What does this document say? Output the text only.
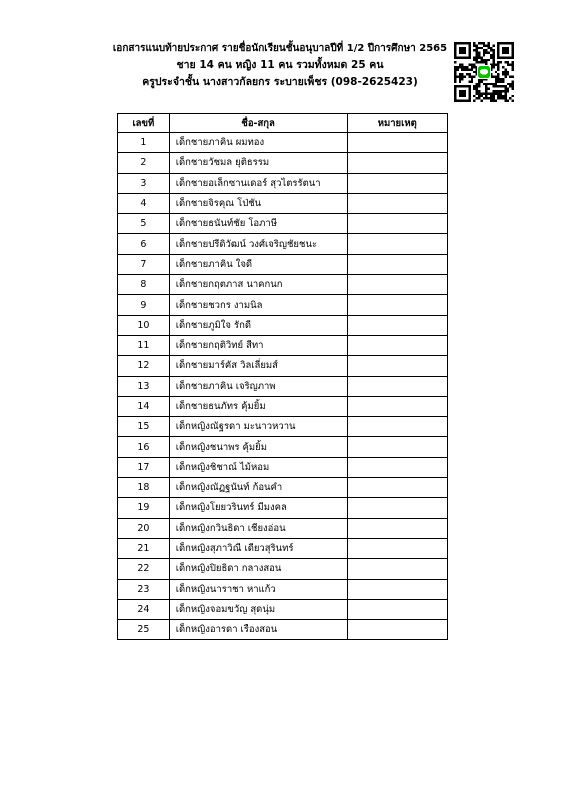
เอกสารแนบท้ายประกาศ รายชื่อนักเรียนชั้นอนุบาลปีที่ 1/2 ปีการศึกษา 2565
ชาย 14 คน หญิง 11 คน รวมทั้งหมด 25 คน
ครูประจำชั้น นางสาวกัลยกร ระบายเพ็ชร (098-2625423)
เลขที่	ชื่อ-สกุล	หมายเหตุ
1	เด็กชายภาคิน ผมทอง	
2	เด็กชายวัชมล ยุติธรรม	
3	เด็กชายอเล็กซานเดอร์ สุวไตรรัตนา	
4	เด็กชายจิรคุณ โป่ชัน	
5	เด็กชายธนันท์ชัย โอภาษี	
6	เด็กชายปรีดิวัฒน์ วงศ์เจริญชัยชนะ	
7	เด็กชายภาคิน ใจดี	
8	เด็กชายกฤตภาส นาคกนก	
9	เด็กชายชวกร งามนิล	
10	เด็กชายภูมิใจ รักดี	
11	เด็กชายกฤติวิทย์ สีทา	
12	เด็กชายมาร์คัส วิลเลี่ยมส์	
13	เด็กชายภาคิน เจริญภาพ	
14	เด็กชายธนภัทร คุ้มยิ้ม	
15	เด็กหญิงณัฐรดา มะนาวหวาน	
16	เด็กหญิงชนาพร คุ้มยิ้ม	
17	เด็กหญิงชิชาณ์ ไม้หอม	
18	เด็กหญิงณัฏฐนันท์ ก้อนคำ	
19	เด็กหญิงโยยวรินทร์ มีมงคล	
20	เด็กหญิงกวินธิดา เชียงอ่อน	
21	เด็กหญิงสุภาวิณี เดียวสุรินทร์	
22	เด็กหญิงปิยธิดา กลางสอน	
23	เด็กหญิงนาราชา หาแก้ว	
24	เด็กหญิงจอมขวัญ สุดนุ่ม	
25	เด็กหญิงอารดา เรืองสอน	
